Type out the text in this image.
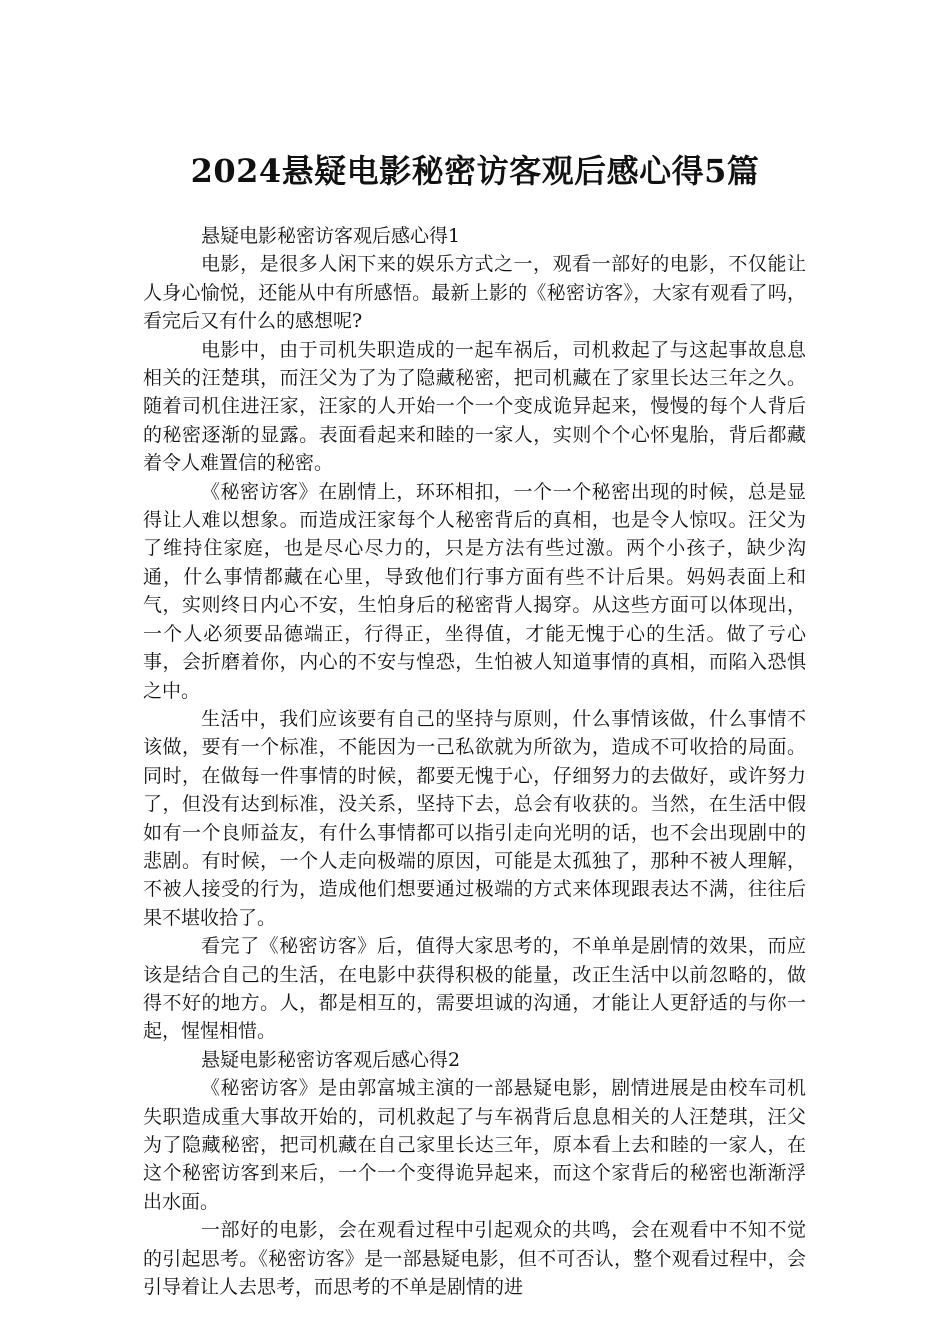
2024悬疑电影秘密访客观后感心得5篇
悬疑电影秘密访客观后感心得1

电影，是很多人闲下来的娱乐方式之一，观看一部好的电影，不仅能让人身心愉悦，还能从中有所感悟。最新上影的《秘密访客》，大家有观看了吗，看完后又有什么的感想呢?

电影中，由于司机失职造成的一起车祸后，司机救起了与这起事故息息相关的汪楚琪，而汪父为了为了隐藏秘密，把司机藏在了家里长达三年之久。随着司机住进汪家，汪家的人开始一个一个变成诡异起来，慢慢的每个人背后的秘密逐渐的显露。表面看起来和睦的一家人，实则个个心怀鬼胎，背后都藏着令人难置信的秘密。

《秘密访客》在剧情上，环环相扣，一个一个秘密出现的时候，总是显得让人难以想象。而造成汪家每个人秘密背后的真相，也是令人惊叹。汪父为了维持住家庭，也是尽心尽力的，只是方法有些过激。两个小孩子，缺少沟通，什么事情都藏在心里，导致他们行事方面有些不计后果。妈妈表面上和气，实则终日内心不安，生怕身后的秘密背人揭穿。从这些方面可以体现出，一个人必须要品德端正，行得正，坐得值，才能无愧于心的生活。做了亏心事，会折磨着你，内心的不安与惶恐，生怕被人知道事情的真相，而陷入恐惧之中。

生活中，我们应该要有自己的坚持与原则，什么事情该做，什么事情不该做，要有一个标准，不能因为一己私欲就为所欲为，造成不可收拾的局面。同时，在做每一件事情的时候，都要无愧于心，仔细努力的去做好，或许努力了，但没有达到标准，没关系，坚持下去，总会有收获的。当然，在生活中假如有一个良师益友，有什么事情都可以指引走向光明的话，也不会出现剧中的悲剧。有时候，一个人走向极端的原因，可能是太孤独了，那种不被人理解，不被人接受的行为，造成他们想要通过极端的方式来体现跟表达不满，往往后果不堪收拾了。

看完了《秘密访客》后，值得大家思考的，不单单是剧情的效果，而应该是结合自己的生活，在电影中获得积极的能量，改正生活中以前忽略的，做得不好的地方。人，都是相互的，需要坦诚的沟通，才能让人更舒适的与你一起，惺惺相惜。

悬疑电影秘密访客观后感心得2

《秘密访客》是由郭富城主演的一部悬疑电影，剧情进展是由校车司机失职造成重大事故开始的，司机救起了与车祸背后息息相关的人汪楚琪，汪父为了隐藏秘密，把司机藏在自己家里长达三年，原本看上去和睦的一家人，在这个秘密访客到来后，一个一个变得诡异起来，而这个家背后的秘密也渐渐浮出水面。

一部好的电影，会在观看过程中引起观众的共鸣，会在观看中不知不觉的引起思考。《秘密访客》是一部悬疑电影，但不可否认，整个观看过程中，会引导着让人去思考，而思考的不单是剧情的进
